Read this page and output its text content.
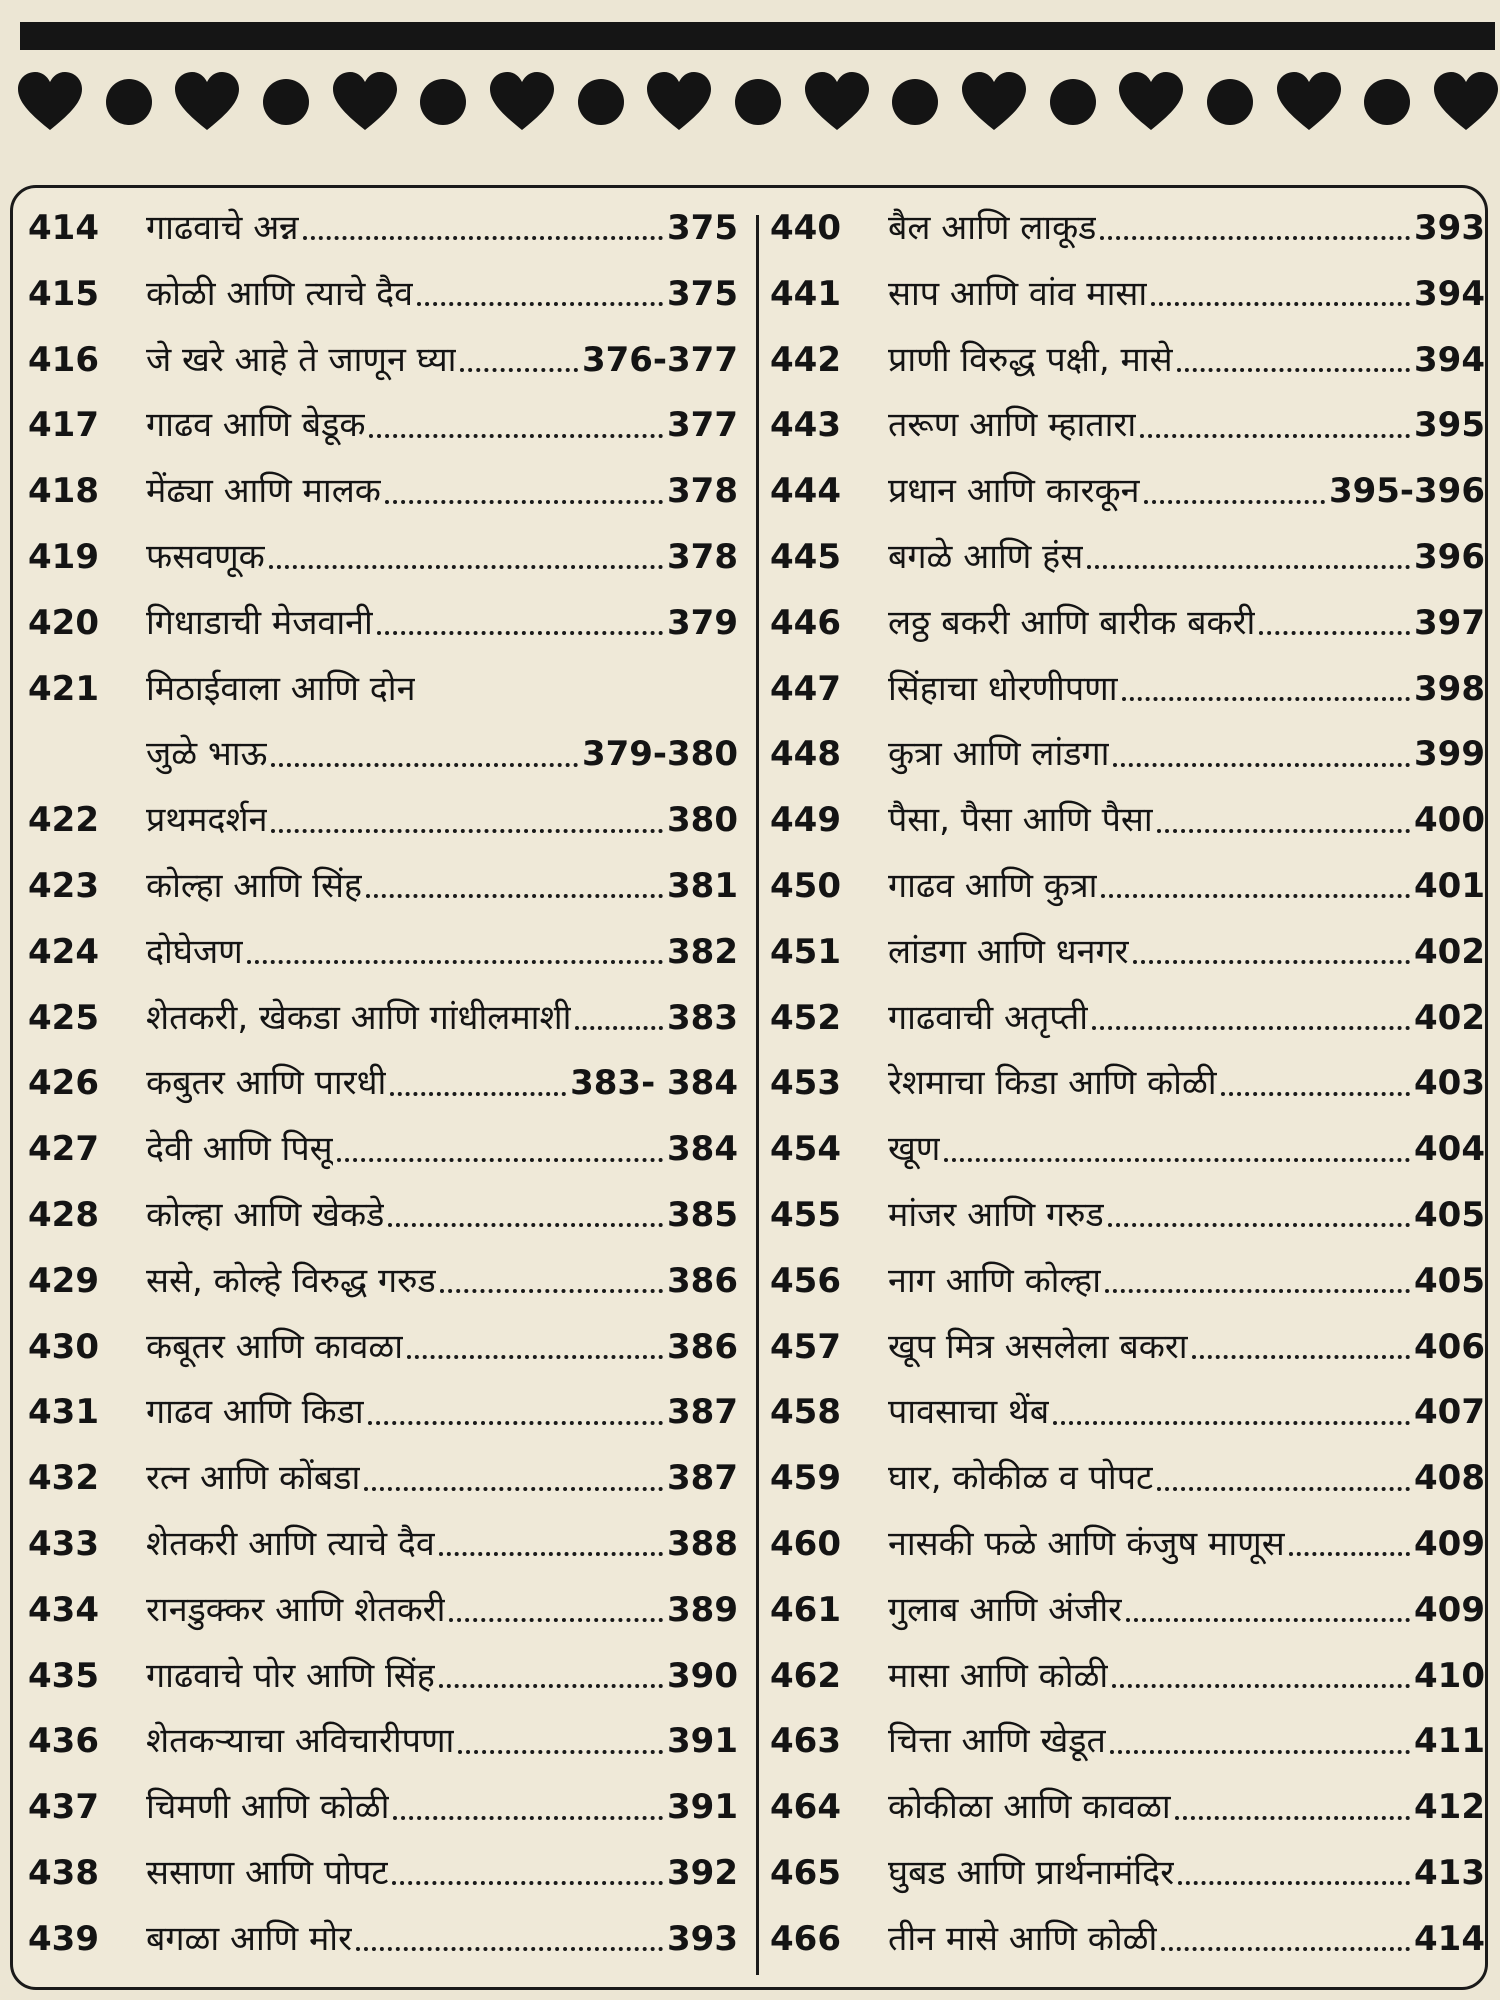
414	गाढवाचे अन्न	375
415	कोळी आणि त्याचे दैव	375
416	जे खरे आहे ते जाणून घ्या	376-377
417	गाढव आणि बेडूक	377
418	मेंढ्या आणि मालक	378
419	फसवणूक	378
420	गिधाडाची मेजवानी	379
421	मिठाईवाला आणि दोन
जुळे भाऊ	379-380
422	प्रथमदर्शन	380
423	कोल्हा आणि सिंह	381
424	दोघेजण	382
425	शेतकरी, खेकडा आणि गांधीलमाशी	383
426	कबुतर आणि पारधी	383- 384
427	देवी आणि पिसू	384
428	कोल्हा आणि खेकडे	385
429	ससे, कोल्हे विरुद्ध गरुड	386
430	कबूतर आणि कावळा	386
431	गाढव आणि किडा	387
432	रत्न आणि कोंबडा	387
433	शेतकरी आणि त्याचे दैव	388
434	रानडुक्कर आणि शेतकरी	389
435	गाढवाचे पोर आणि सिंह	390
436	शेतकऱ्याचा अविचारीपणा	391
437	चिमणी आणि कोळी	391
438	ससाणा आणि पोपट	392
439	बगळा आणि मोर	393
440	बैल आणि लाकूड	393
441	साप आणि वांव मासा	394
442	प्राणी विरुद्ध पक्षी, मासे	394
443	तरूण आणि म्हातारा	395
444	प्रधान आणि कारकून	395-396
445	बगळे आणि हंस	396
446	लठ्ठ बकरी आणि बारीक बकरी	397
447	सिंहाचा धोरणीपणा	398
448	कुत्रा आणि लांडगा	399
449	पैसा, पैसा आणि पैसा	400
450	गाढव आणि कुत्रा	401
451	लांडगा आणि धनगर	402
452	गाढवाची अतृप्ती	402
453	रेशमाचा किडा आणि कोळी	403
454	खूण	404
455	मांजर आणि गरुड	405
456	नाग आणि कोल्हा	405
457	खूप मित्र असलेला बकरा	406
458	पावसाचा थेंब	407
459	घार, कोकीळ व पोपट	408
460	नासकी फळे आणि कंजुष माणूस	409
461	गुलाब आणि अंजीर	409
462	मासा आणि कोळी	410
463	चित्ता आणि खेडूत	411
464	कोकीळा आणि कावळा	412
465	घुबड आणि प्रार्थनामंदिर	413
466	तीन मासे आणि कोळी	414
